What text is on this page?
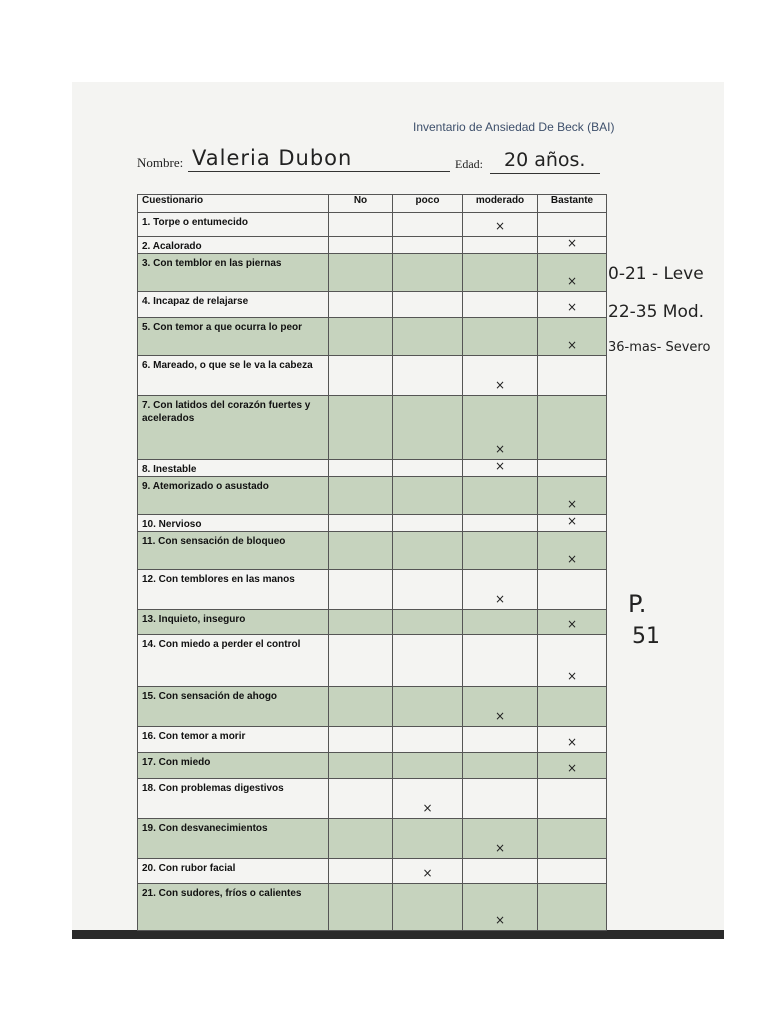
Inventario de Ansiedad De Beck (BAI)
Nombre: Valeria Dubon	Edad: 20 años.
Cuestionario	No	poco	moderado	Bastante
1. Torpe o entumecido			×	

2. Acalorado				×

3. Con temblor en las piernas				×

4. Incapaz de relajarse				×

5. Con temor a que ocurra lo peor				×

6. Mareado, o que se le va la cabeza			×	

7. Con latidos del corazón fuertes y acelerados			×	

8. Inestable			×	

9. Atemorizado o asustado				×

10. Nervioso				×

11. Con sensación de bloqueo				×

12. Con temblores en las manos			×	

13. Inquieto, inseguro				×

14. Con miedo a perder el control				×

15. Con sensación de ahogo			×	

16. Con temor a morir				×

17. Con miedo				×

18. Con problemas digestivos		×		

19. Con desvanecimientos			×	

20. Con rubor facial		×		

21. Con sudores, fríos o calientes			×	

0-21 - Leve
22-35 Mod.
36-mas- Severo
P.
51
